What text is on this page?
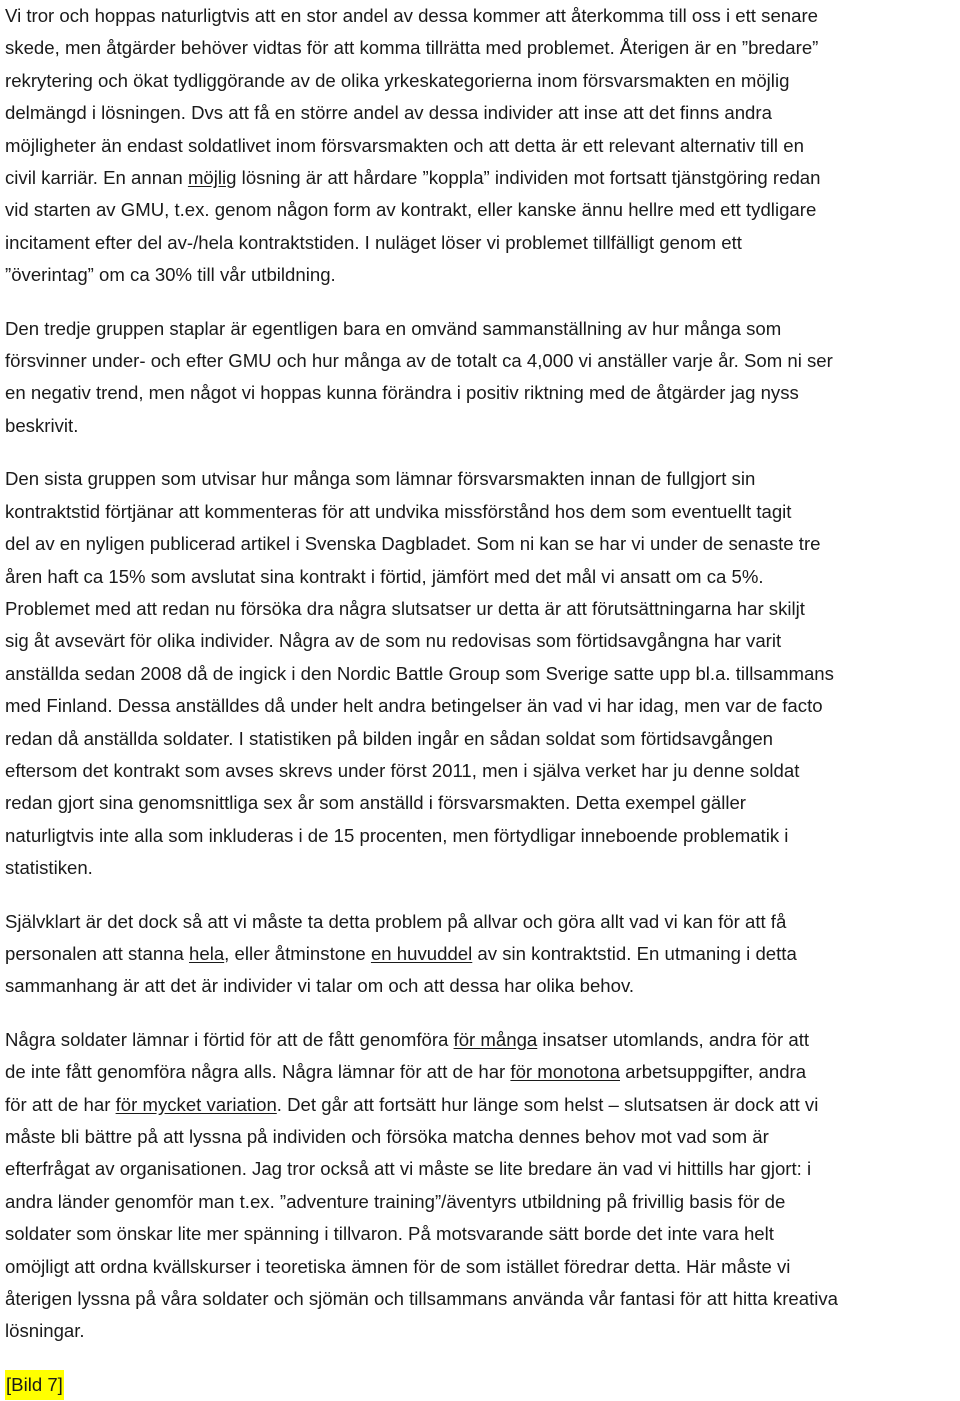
Vi tror och hoppas naturligtvis att en stor andel av dessa kommer att återkomma till oss i ett senare
skede, men åtgärder behöver vidtas för att komma tillrätta med problemet. Återigen är en ”bredare”
rekrytering och ökat tydliggörande av de olika yrkeskategorierna inom försvarsmakten en möjlig
delmängd i lösningen. Dvs att få en större andel av dessa individer att inse att det finns andra
möjligheter än endast soldatlivet inom försvarsmakten och att detta är ett relevant alternativ till en
civil karriär. En annan möjlig lösning är att hårdare ”koppla” individen mot fortsatt tjänstgöring redan
vid starten av GMU, t.ex. genom någon form av kontrakt, eller kanske ännu hellre med ett tydligare
incitament efter del av-/hela kontraktstiden. I nuläget löser vi problemet tillfälligt genom ett
”överintag” om ca 30% till vår utbildning.
Den tredje gruppen staplar är egentligen bara en omvänd sammanställning av hur många som
försvinner under- och efter GMU och hur många av de totalt ca 4,000 vi anställer varje år. Som ni ser
en negativ trend, men något vi hoppas kunna förändra i positiv riktning med de åtgärder jag nyss
beskrivit.
Den sista gruppen som utvisar hur många som lämnar försvarsmakten innan de fullgjort sin
kontraktstid förtjänar att kommenteras för att undvika missförstånd hos dem som eventuellt tagit
del av en nyligen publicerad artikel i Svenska Dagbladet. Som ni kan se har vi under de senaste tre
åren haft ca 15% som avslutat sina kontrakt i förtid, jämfört med det mål vi ansatt om ca 5%.
Problemet med att redan nu försöka dra några slutsatser ur detta är att förutsättningarna har skiljt
sig åt avsevärt för olika individer. Några av de som nu redovisas som förtidsavgångna har varit
anställda sedan 2008 då de ingick i den Nordic Battle Group som Sverige satte upp bl.a. tillsammans
med Finland. Dessa anställdes då under helt andra betingelser än vad vi har idag, men var de facto
redan då anställda soldater. I statistiken på bilden ingår en sådan soldat som förtidsavgången
eftersom det kontrakt som avses skrevs under först 2011, men i själva verket har ju denne soldat
redan gjort sina genomsnittliga sex år som anställd i försvarsmakten. Detta exempel gäller
naturligtvis inte alla som inkluderas i de 15 procenten, men förtydligar inneboende problematik i
statistiken.
Självklart är det dock så att vi måste ta detta problem på allvar och göra allt vad vi kan för att få
personalen att stanna hela, eller åtminstone en huvuddel av sin kontraktstid. En utmaning i detta
sammanhang är att det är individer vi talar om och att dessa har olika behov.
Några soldater lämnar i förtid för att de fått genomföra för många insatser utomlands, andra för att
de inte fått genomföra några alls. Några lämnar för att de har för monotona arbetsuppgifter, andra
för att de har för mycket variation. Det går att fortsätt hur länge som helst – slutsatsen är dock att vi
måste bli bättre på att lyssna på individen och försöka matcha dennes behov mot vad som är
efterfrågat av organisationen. Jag tror också att vi måste se lite bredare än vad vi hittills har gjort: i
andra länder genomför man t.ex. ”adventure training”/äventyrs utbildning på frivillig basis för de
soldater som önskar lite mer spänning i tillvaron. På motsvarande sätt borde det inte vara helt
omöjligt att ordna kvällskurser i teoretiska ämnen för de som istället föredrar detta. Här måste vi
återigen lyssna på våra soldater och sjömän och tillsammans använda vår fantasi för att hitta kreativa
lösningar.
[Bild 7]
